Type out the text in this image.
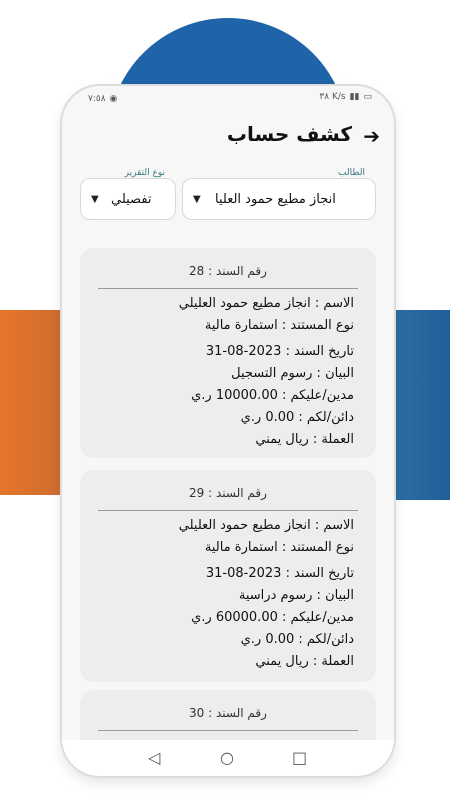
٧:٥٨ ◉	٣٨ K/s ▮▮ ▭
كشف حساب ➔
الطالب
انجاز مطيع حمود العليا
▼
نوع التقرير
تفصيلي
▼
رقم السند : 28
الاسم : انجاز مطيع حمود العليلي
نوع المستند : استمارة مالية
تاريخ السند : 2023-08-31
البيان : رسوم التسجيل
مدين/عليكم : 10000.00 ر.ي
دائن/لكم : 0.00 ر.ي
العملة : ريال يمني
رقم السند : 29
الاسم : انجاز مطيع حمود العليلي
نوع المستند : استمارة مالية
تاريخ السند : 2023-08-31
البيان : رسوم دراسية
مدين/عليكم : 60000.00 ر.ي
دائن/لكم : 0.00 ر.ي
العملة : ريال يمني
رقم السند : 30
◁	○	□
